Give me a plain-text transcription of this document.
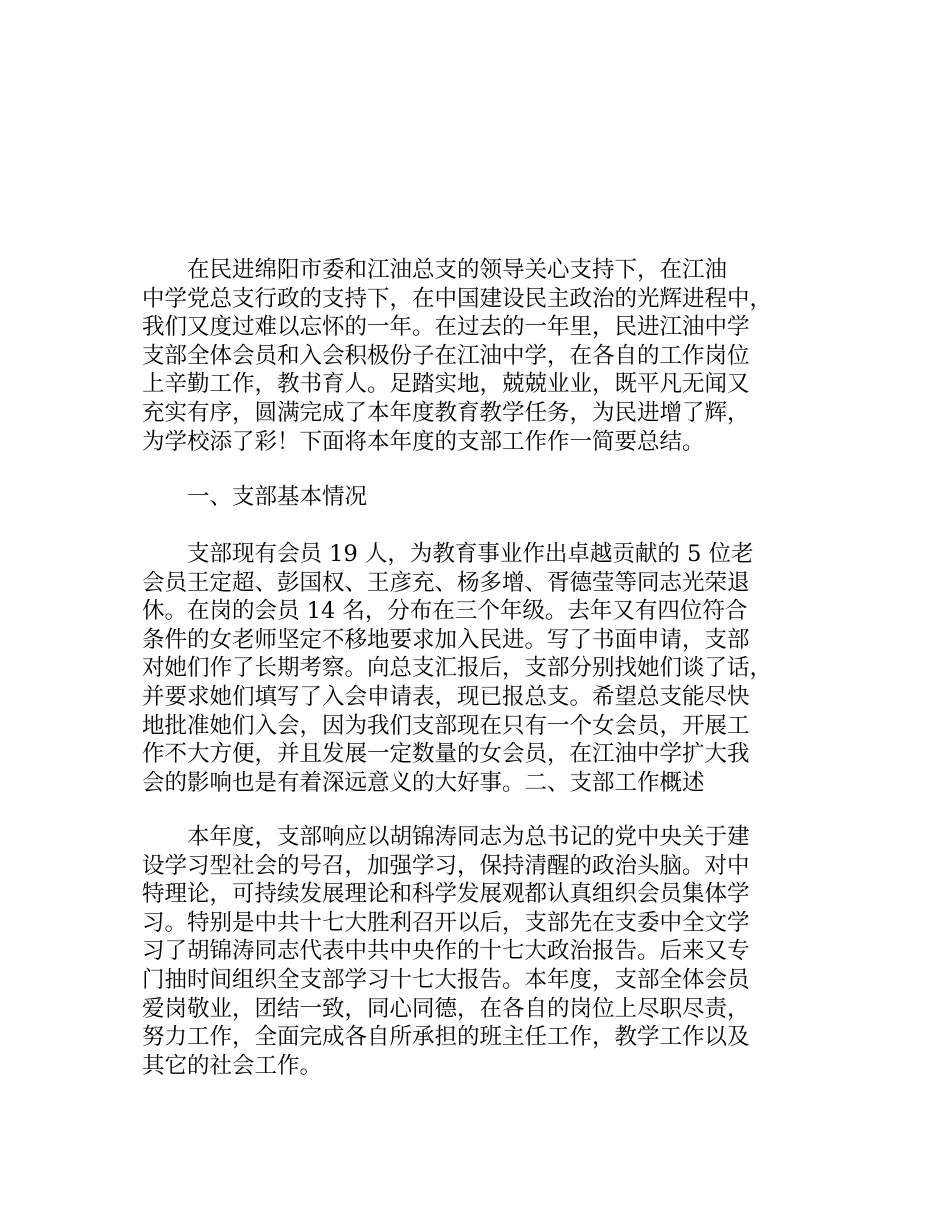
　　在民进绵阳市委和江油总支的领导关心支持下，在江油
中学党总支行政的支持下，在中国建设民主政治的光辉进程中，
我们又度过难以忘怀的一年。在过去的一年里，民进江油中学
支部全体会员和入会积极份子在江油中学，在各自的工作岗位
上辛勤工作，教书育人。足踏实地，兢兢业业，既平凡无闻又
充实有序，圆满完成了本年度教育教学任务，为民进增了辉，
为学校添了彩！下面将本年度的支部工作作一简要总结。
　　一、支部基本情况
　　支部现有会员 19 人，为教育事业作出卓越贡献的 5 位老
会员王定超、彭国权、王彦充、杨多增、胥德莹等同志光荣退
休。在岗的会员 14 名，分布在三个年级。去年又有四位符合
条件的女老师坚定不移地要求加入民进。写了书面申请，支部
对她们作了长期考察。向总支汇报后，支部分别找她们谈了话，
并要求她们填写了入会申请表，现已报总支。希望总支能尽快
地批准她们入会，因为我们支部现在只有一个女会员，开展工
作不大方便，并且发展一定数量的女会员，在江油中学扩大我
会的影响也是有着深远意义的大好事。二、支部工作概述
　　本年度，支部响应以胡锦涛同志为总书记的党中央关于建
设学习型社会的号召，加强学习，保持清醒的政治头脑。对中
特理论，可持续发展理论和科学发展观都认真组织会员集体学
习。特别是中共十七大胜利召开以后，支部先在支委中全文学
习了胡锦涛同志代表中共中央作的十七大政治报告。后来又专
门抽时间组织全支部学习十七大报告。本年度，支部全体会员
爱岗敬业，团结一致，同心同德，在各自的岗位上尽职尽责，
努力工作，全面完成各自所承担的班主任工作，教学工作以及
其它的社会工作。
